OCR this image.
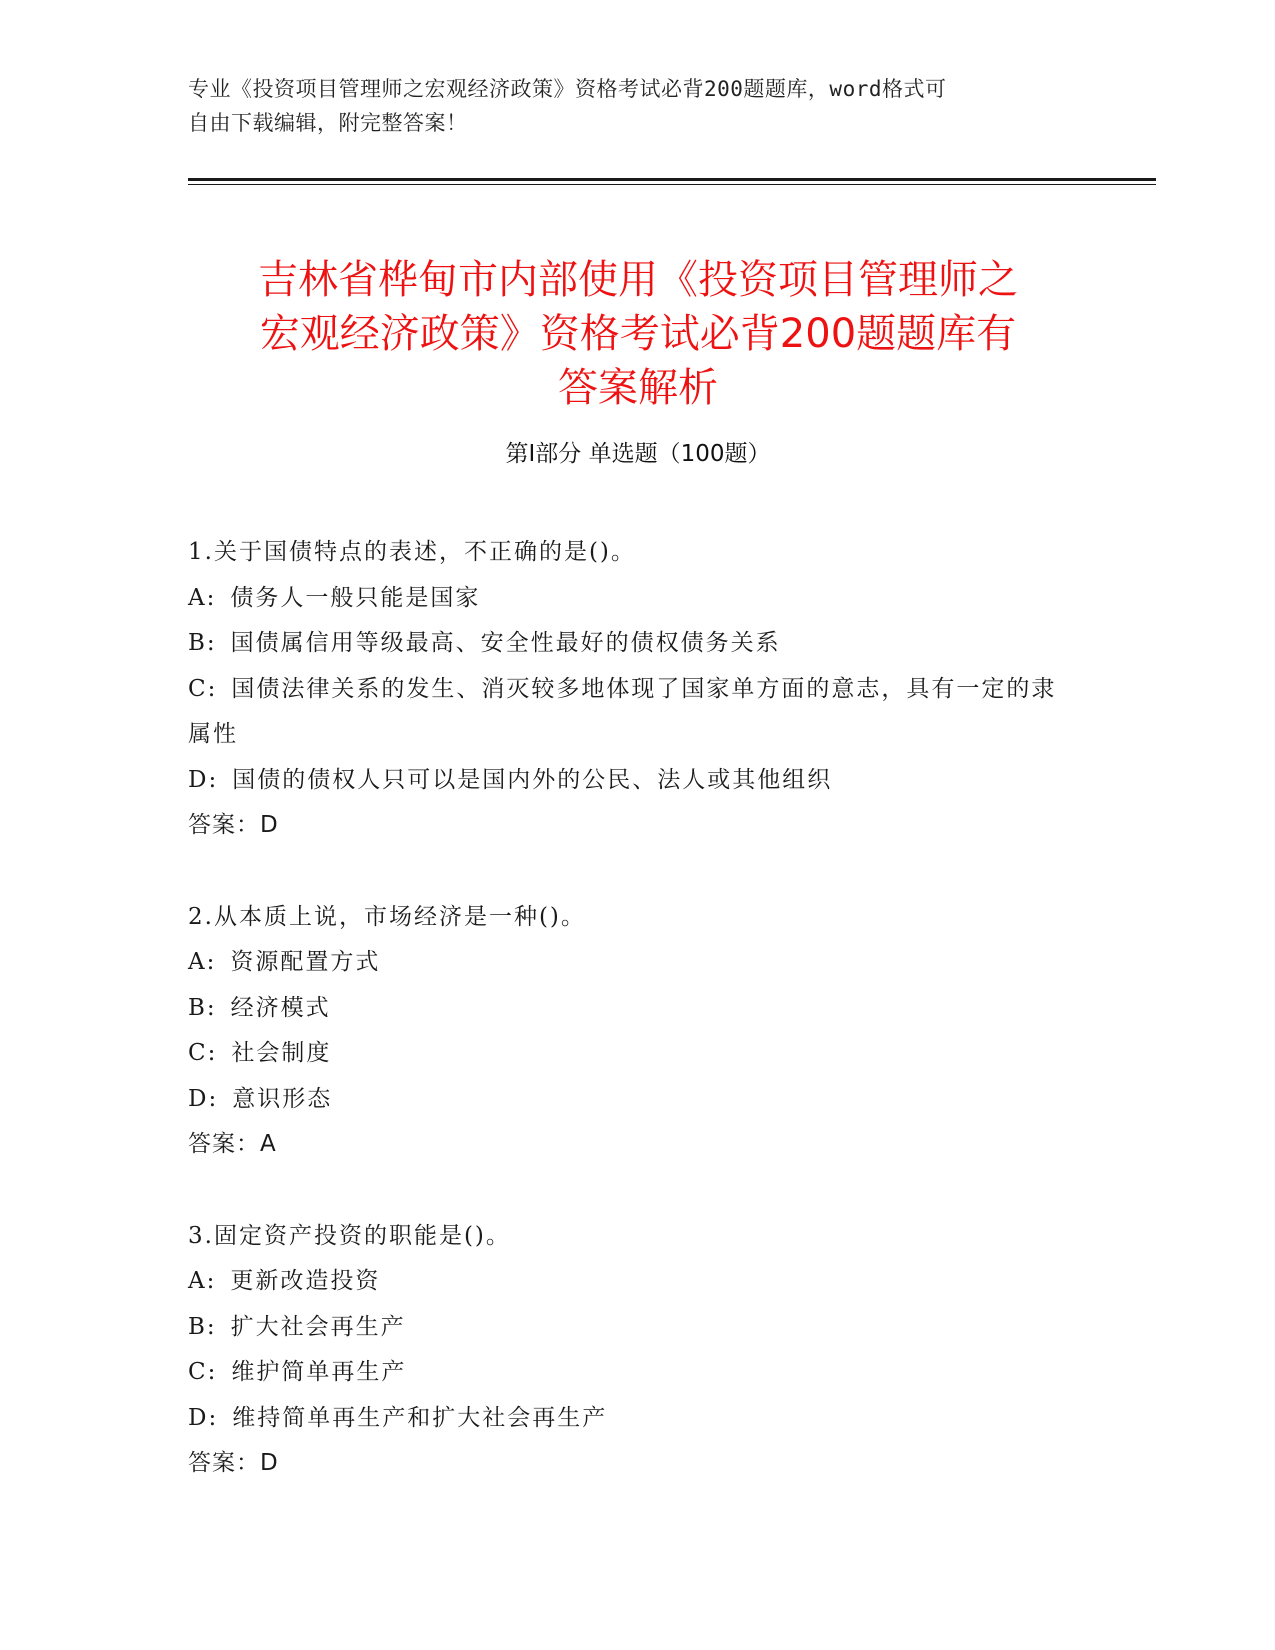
专业《投资项目管理师之宏观经济政策》资格考试必背200题题库，word格式可
自由下载编辑，附完整答案！
吉林省桦甸市内部使用《投资项目管理师之
宏观经济政策》资格考试必背200题题库有
答案解析
第Ⅰ部分 单选题（100题）

1.关于国债特点的表述，不正确的是()。

A: 债务人一般只能是国家

B: 国债属信用等级最高、安全性最好的债权债务关系

C: 国债法律关系的发生、消灭较多地体现了国家单方面的意志，具有一定的隶属性

D: 国债的债权人只可以是国内外的公民、法人或其他组织

答案：D

2.从本质上说，市场经济是一种()。

A: 资源配置方式

B: 经济模式

C: 社会制度

D: 意识形态

答案：A

3.固定资产投资的职能是()。

A: 更新改造投资

B: 扩大社会再生产

C: 维护简单再生产

D: 维持简单再生产和扩大社会再生产

答案：D
